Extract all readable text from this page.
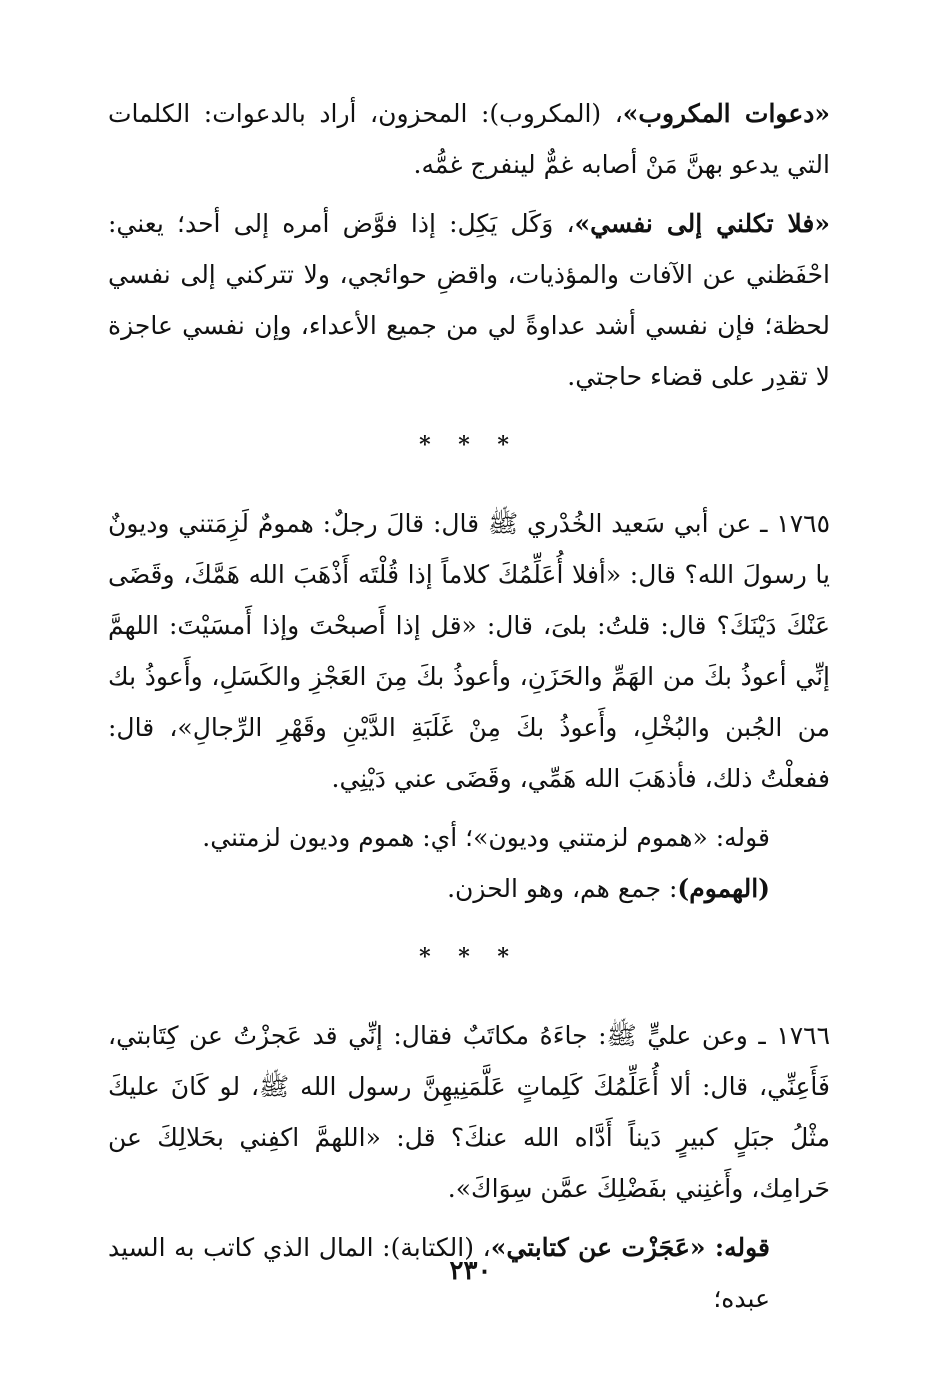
«دعوات المكروب»، (المكروب): المحزون، أراد بالدعوات: الكلمات التي يدعو بهنَّ مَنْ أصابه غمٌّ لينفرج غمُّه.

«فلا تكلني إلى نفسي»، وَكَل يَكِل: إذا فوَّض أمره إلى أحد؛ يعني: احْفَظني عن الآفات والمؤذيات، واقضِ حوائجي، ولا تتركني إلى نفسي لحظة؛ فإن نفسي أشد عداوةً لي من جميع الأعداء، وإن نفسي عاجزة لا تقدِر على قضاء حاجتي.

* * *

١٧٦٥ ـ عن أبي سَعيد الخُدْري ﷺ قال: قالَ رجلٌ: همومٌ لَزِمَتني وديونٌ يا رسولَ الله؟ قال: «أفلا أُعَلِّمُكَ كلاماً إذا قُلْتَه أَذْهَبَ الله هَمَّكَ، وقَضَى عَنْكَ دَيْنَكَ؟ قال: قلتُ: بلىَ، قال: «قل إذا أَصبحْتَ وإذا أَمسَيْتَ: اللهمَّ إنِّي أعوذُ بكَ من الهَمِّ والحَزَنِ، وأعوذُ بكَ مِنَ العَجْزِ والكَسَلِ، وأَعوذُ بك من الجُبن والبُخْلِ، وأَعوذُ بكَ مِنْ غَلَبَةِ الدَّيْنِ وقَهْرِ الرِّجالِ»، قال: ففعلْتُ ذلك، فأذهَبَ الله هَمِّي، وقَضَى عني دَيْنِي.

قوله: «هموم لزمتني وديون»؛ أي: هموم وديون لزمتني.

(الهموم): جمع هم، وهو الحزن.

* * *

١٧٦٦ ـ وعن عليٍّ ﷺ: جاءَهُ مكاتَبٌ فقال: إنِّي قد عَجزْتُ عن كِتَابتي، فَأَعِنِّي، قال: ألا أُعَلِّمُكَ كَلِماتٍ عَلَّمَنِيهِنَّ رسول الله ﷺ، لو كَانَ عليكَ مثْلُ جبَلٍ كبيرٍ دَيناً أَدَّاه الله عنكَ؟ قل: «اللهمَّ اكفِني بحَلالِكَ عن حَرامِك، وأَغنِني بفَضْلِكَ عمَّن سِوَاكَ».

قوله: «عَجَزْت عن كتابتي»، (الكتابة): المال الذي كاتب به السيد عبده؛

٢٣٠
